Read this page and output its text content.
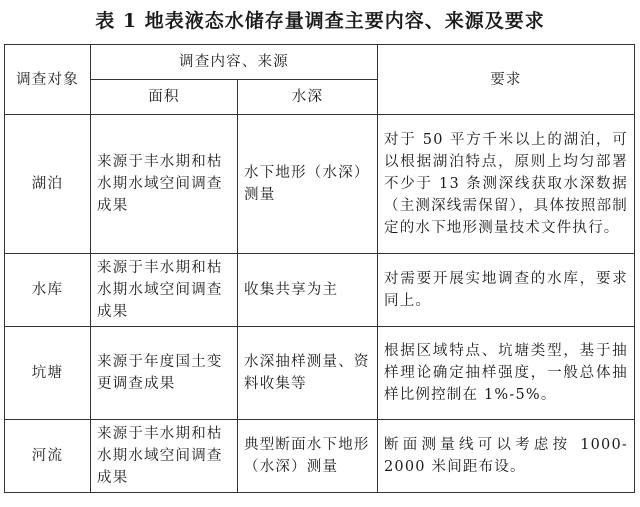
表 1 地表液态水储存量调查主要内容、来源及要求
调查对象	调查内容、来源		要求
	面积	水深	
湖泊	来源于丰水期和枯水期水域空间调查成果	水下地形（水深）测量	对于 50 平方千米以上的湖泊，可以根据湖泊特点，原则上均匀部署不少于 13 条测深线获取水深数据（主测深线需保留），具体按照部制定的水下地形测量技术文件执行。
水库	来源于丰水期和枯水期水域空间调查成果	收集共享为主	对需要开展实地调查的水库，要求同上。
坑塘	来源于年度国土变更调查成果	水深抽样测量、资料收集等	根据区域特点、坑塘类型，基于抽样理论确定抽样强度，一般总体抽样比例控制在 1%-5%。
河流	来源于丰水期和枯水期水域空间调查成果	典型断面水下地形（水深）测量	断面测量线可以考虑按 1000-2000 米间距布设。
